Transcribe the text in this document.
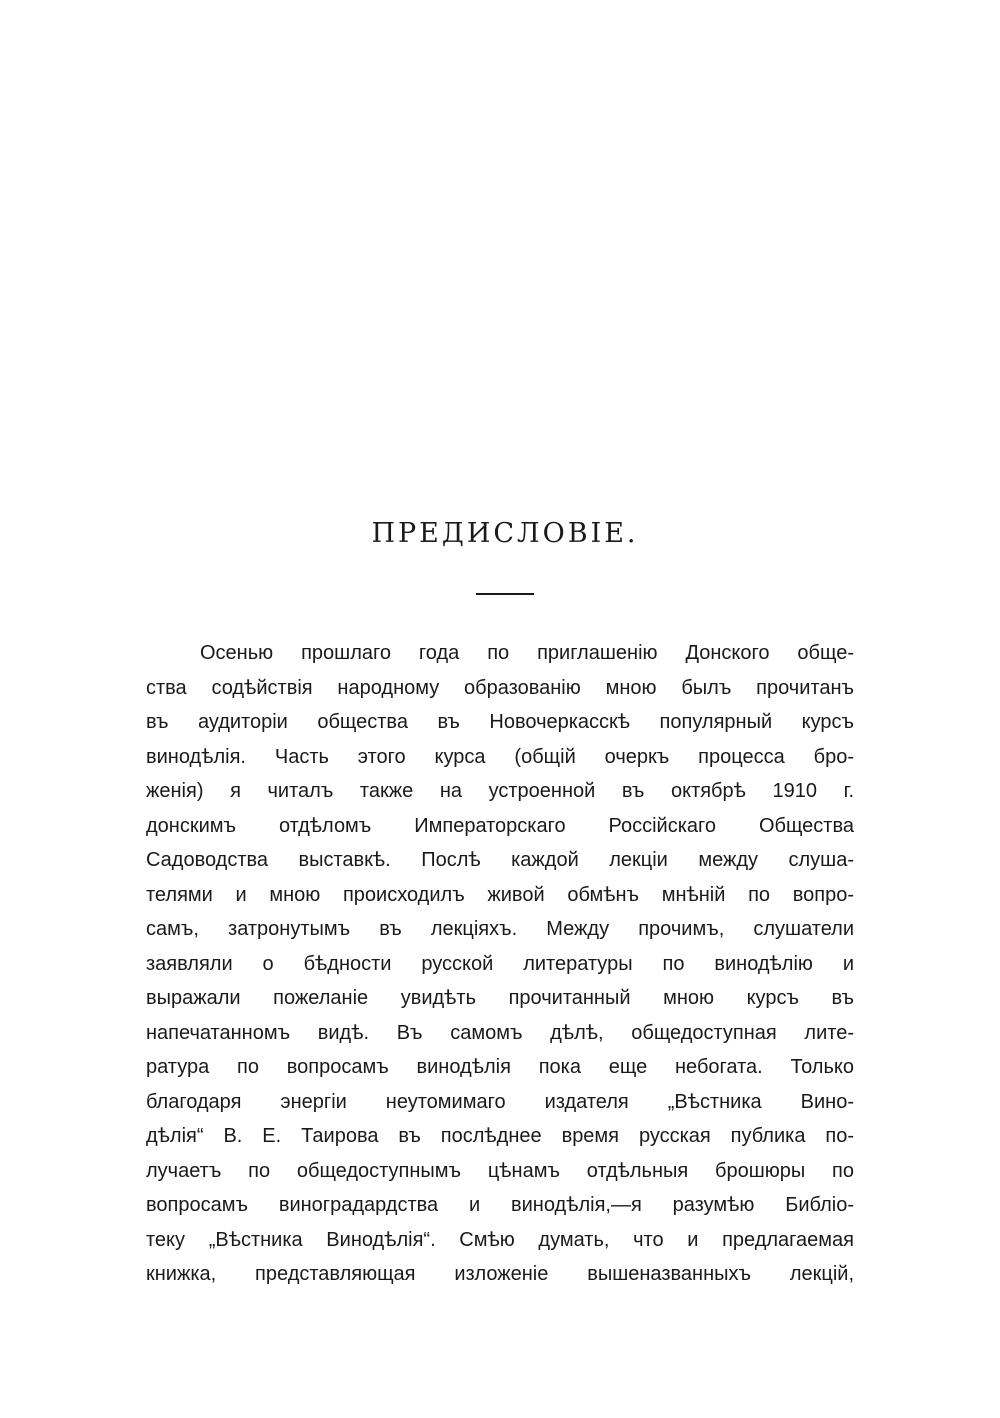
ПРЕДИСЛОВIЕ.
Осенью прошлаго года по приглашенiю Донского обще-
ства содѣйствiя народному образованiю мною былъ прочитанъ
въ аудиторiи общества въ Новочеркасскѣ популярный курсъ
винодѣлiя. Часть этого курса (общiй очеркъ процесса бро-
женiя) я читалъ также на устроенной въ октябрѣ 1910 г.
донскимъ отдѣломъ Императорскаго Россiйскаго Общества
Садоводства выставкѣ. Послѣ каждой лекцiи между слуша-
телями и мною происходилъ живой обмѣнъ мнѣнiй по вопро-
самъ, затронутымъ въ лекцiяхъ. Между прочимъ, слушатели
заявляли о бѣдности русской литературы по винодѣлiю и
выражали пожеланiе увидѣть прочитанный мною курсъ въ
напечатанномъ видѣ. Въ самомъ дѣлѣ, общедоступная лите-
ратура по вопросамъ винодѣлiя пока еще небогата. Только
благодаря энергiи неутомимаго издателя „Вѣстника Вино-
дѣлiя“ В. Е. Таирова въ послѣднее время русская публика по-
лучаетъ по общедоступнымъ цѣнамъ отдѣльныя брошюры по
вопросамъ виноградардства и винодѣлiя,—я разумѣю Библiо-
теку „Вѣстника Винодѣлiя“. Смѣю думать, что и предлагаемая
книжка, представляющая изложенiе вышеназванныхъ лекцiй,
